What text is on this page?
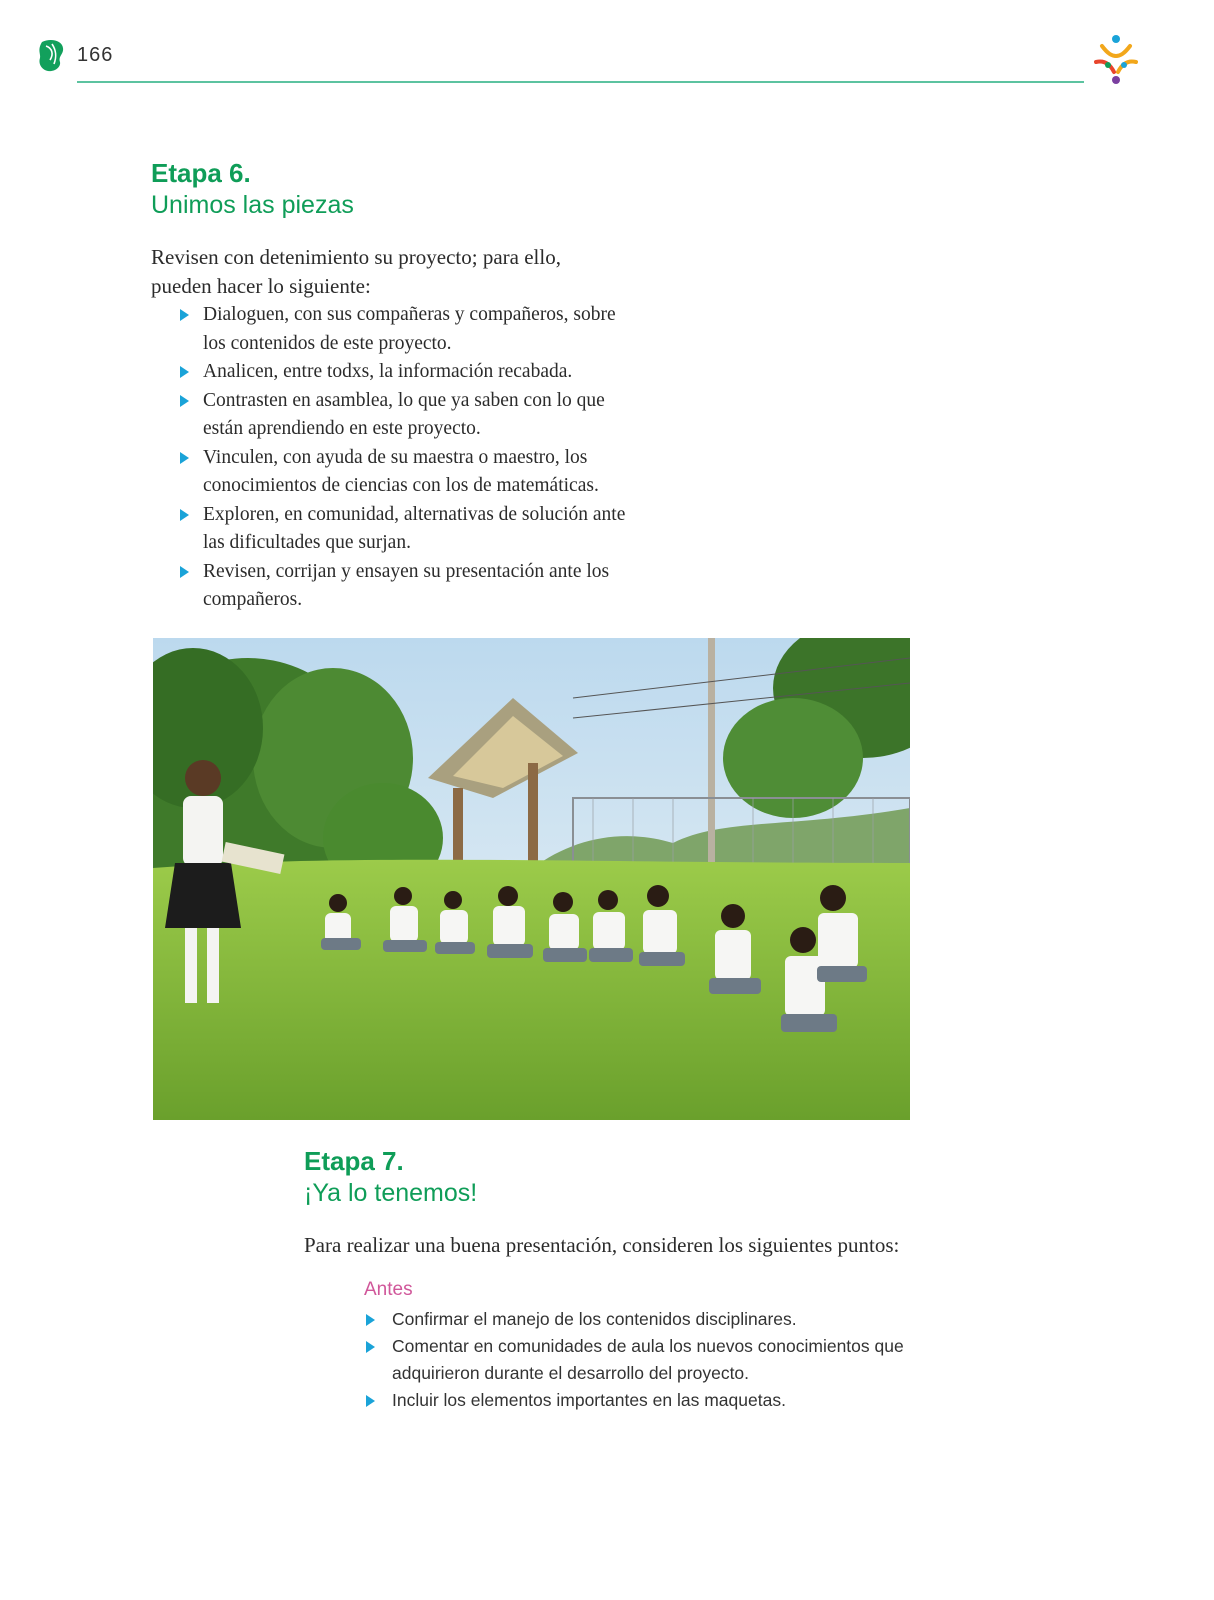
166
Etapa 6.
Unimos las piezas

Revisen con detenimiento su proyecto; para ello, pueden hacer lo siguiente:

Dialoguen, con sus compañeras y compañeros, sobre los contenidos de este proyecto.
Analicen, entre todxs, la información recabada.
Contrasten en asamblea, lo que ya saben con lo que están aprendiendo en este proyecto.
Vinculen, con ayuda de su maestra o maestro, los conocimientos de ciencias con los de matemáticas.
Exploren, en comunidad, alternativas de solución ante las dificultades que surjan.
Revisen, corrijan y ensayen su presentación ante los compañeros.
Etapa 7.
¡Ya lo tenemos!

Para realizar una buena presentación, consideren los siguientes puntos:

Antes

Confirmar el manejo de los contenidos disciplinares.
Comentar en comunidades de aula los nuevos conocimientos que adquirieron durante el desarrollo del proyecto.
Incluir los elementos importantes en las maquetas.
